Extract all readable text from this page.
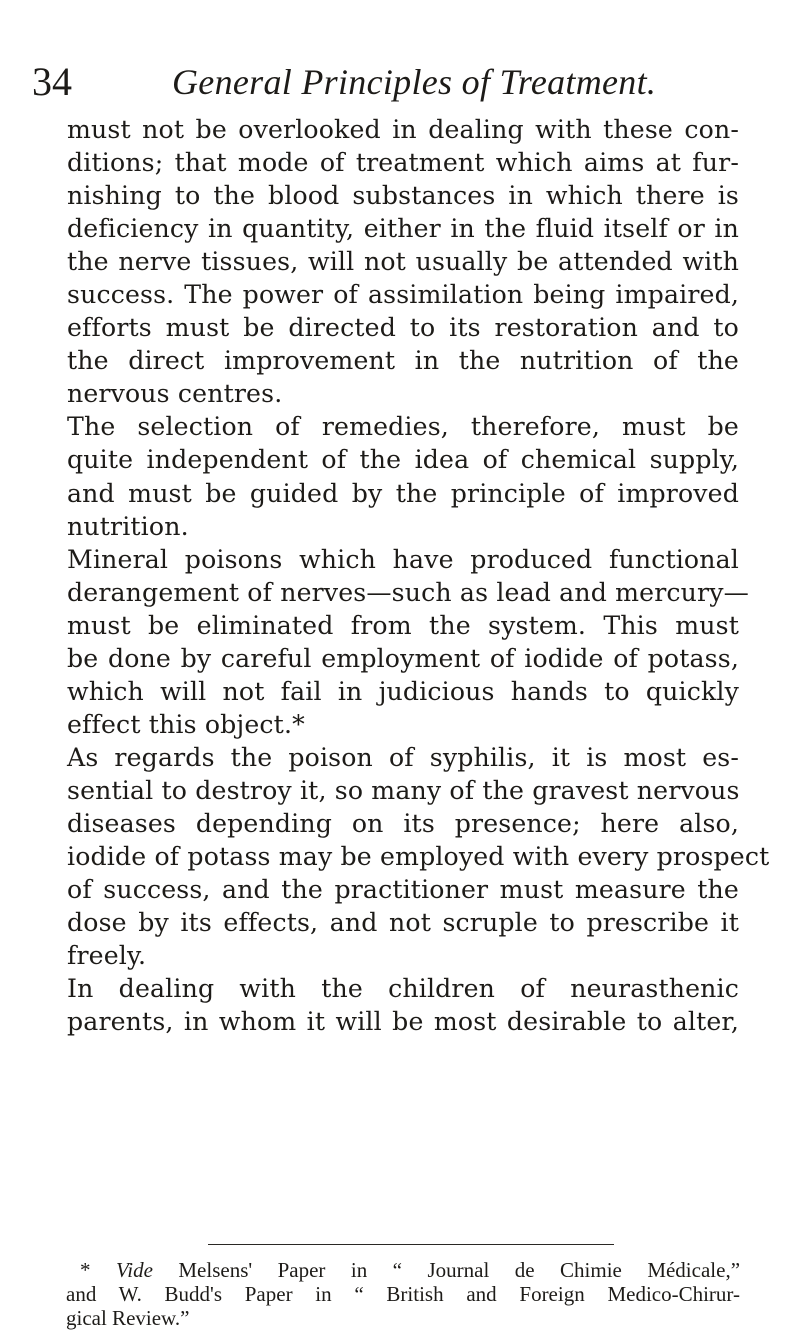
34	General Principles of Treatment.
must not be overlooked in dealing with these con-
ditions; that mode of treatment which aims at fur-
nishing to the blood substances in which there is
deficiency in quantity, either in the fluid itself or in
the nerve tissues, will not usually be attended with
success. The power of assimilation being impaired,
efforts must be directed to its restoration and to
the direct improvement in the nutrition of the
nervous centres.
The selection of remedies, therefore, must be
quite independent of the idea of chemical supply,
and must be guided by the principle of improved
nutrition.
Mineral poisons which have produced functional
derangement of nerves—such as lead and mercury—
must be eliminated from the system. This must
be done by careful employment of iodide of potass,
which will not fail in judicious hands to quickly
effect this object.*
As regards the poison of syphilis, it is most es-
sential to destroy it, so many of the gravest nervous
diseases depending on its presence; here also,
iodide of potass may be employed with every prospect
of success, and the practitioner must measure the
dose by its effects, and not scruple to prescribe it
freely.
In dealing with the children of neurasthenic
parents, in whom it will be most desirable to alter,
* Vide Melsens' Paper in “ Journal de Chimie Médicale,”
and W. Budd's Paper in “ British and Foreign Medico-Chirur-
gical Review.”
